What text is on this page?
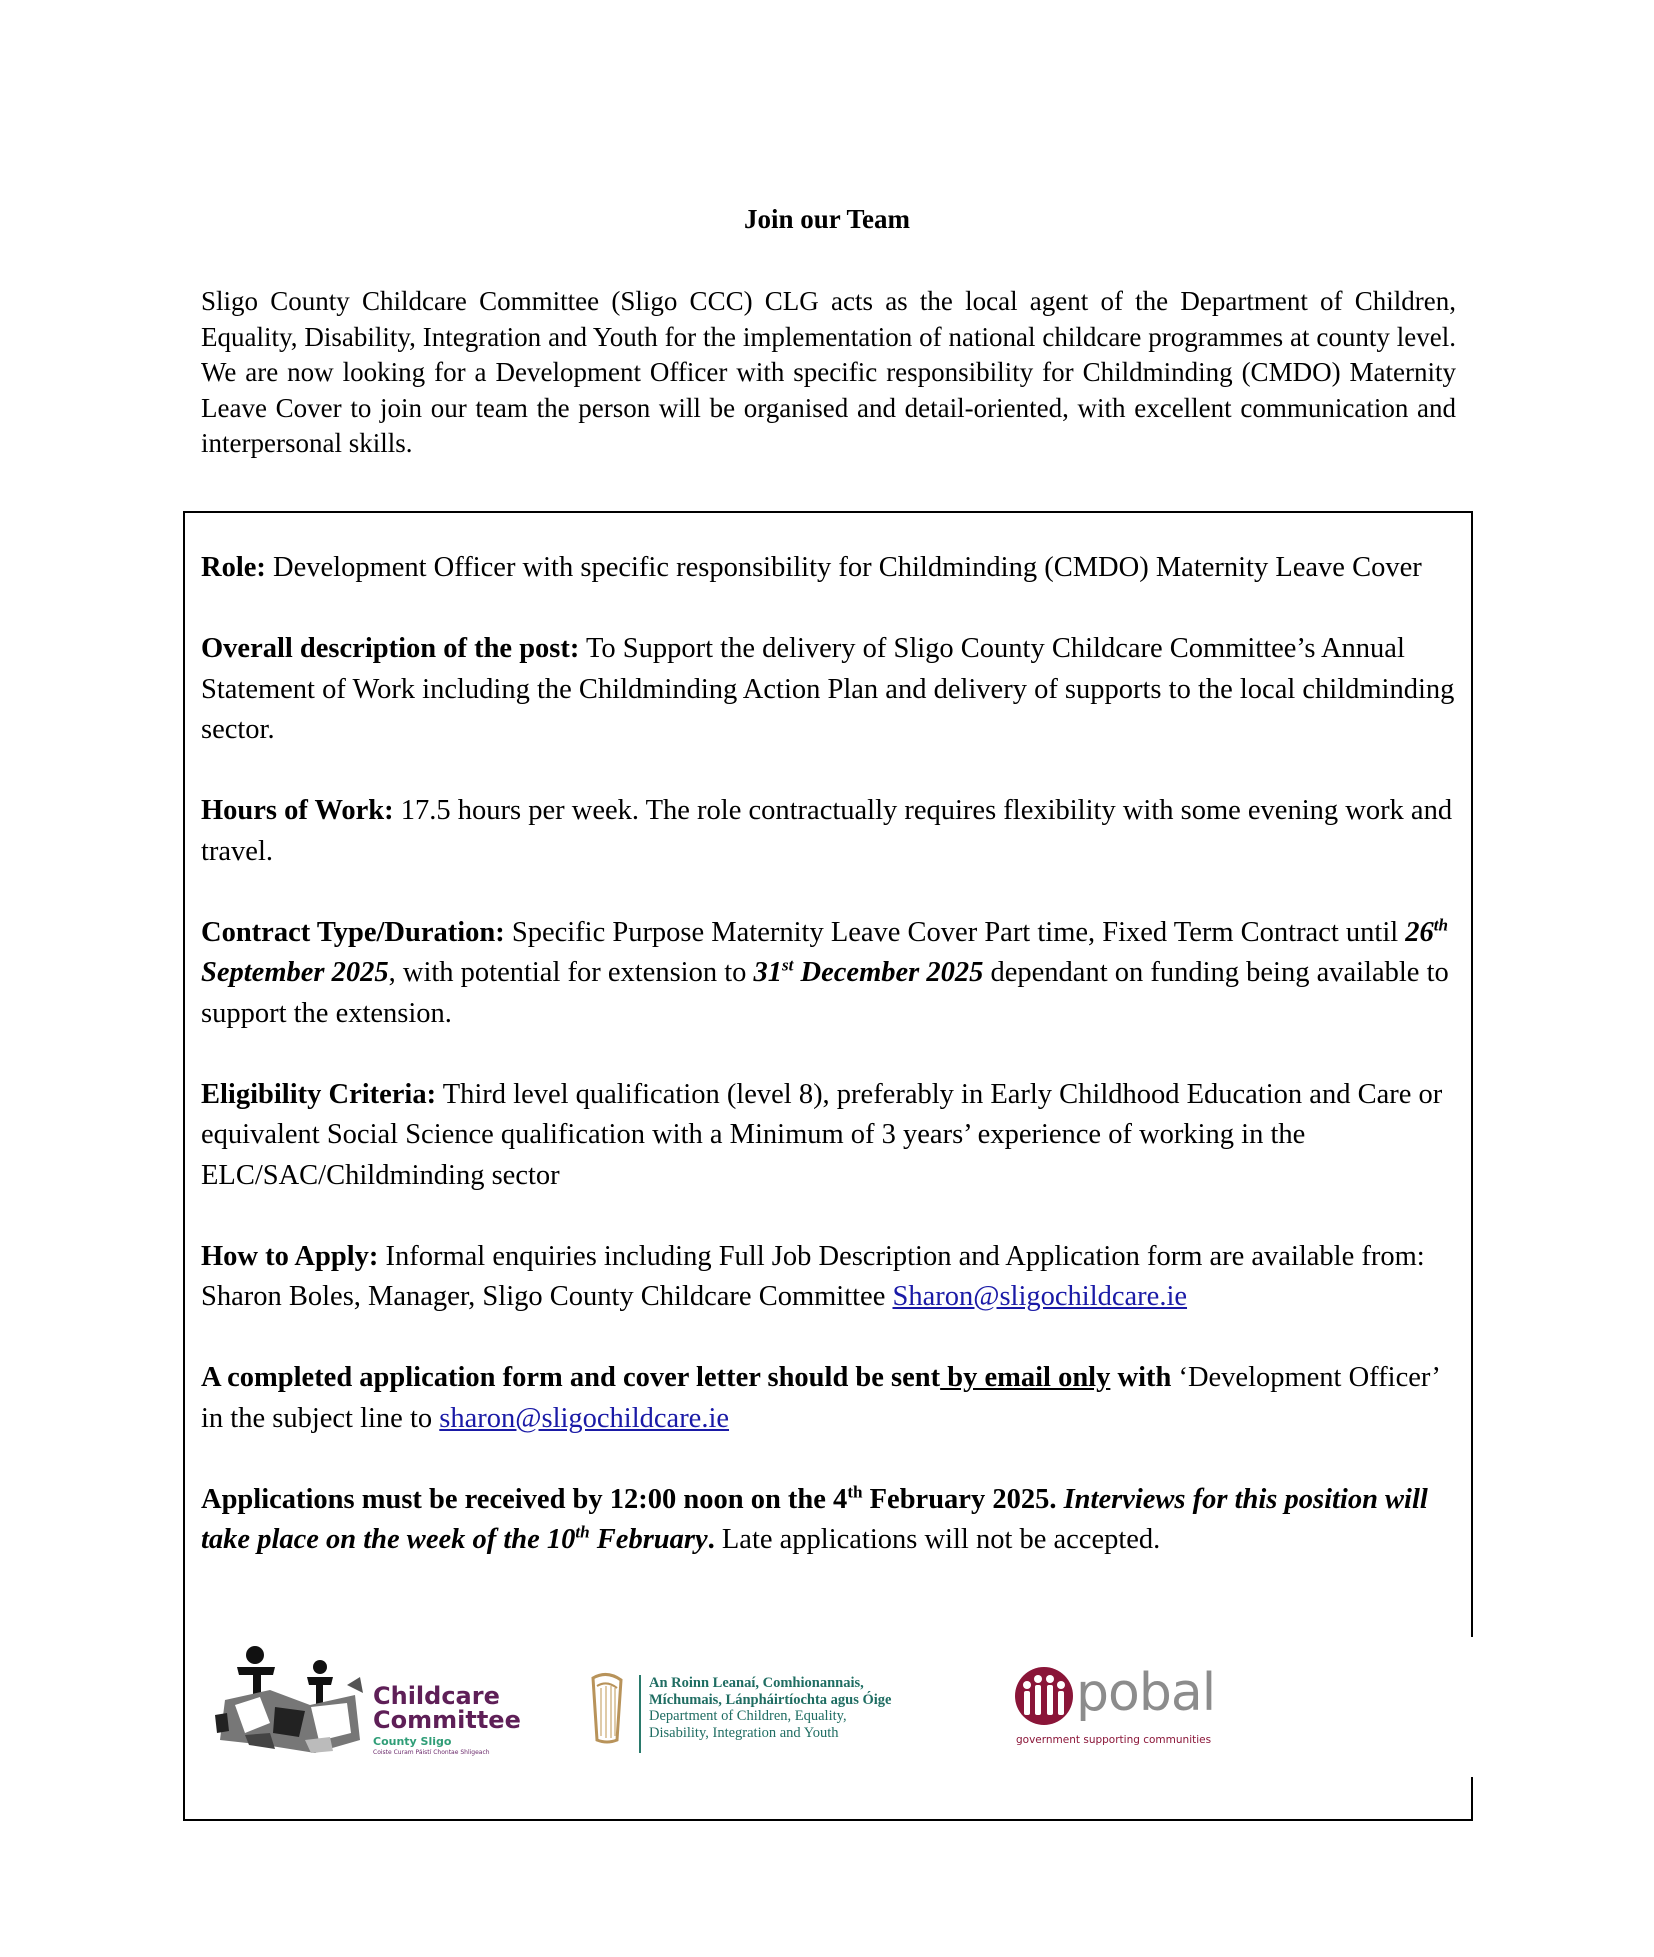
Join our Team
Sligo County Childcare Committee (Sligo CCC) CLG acts as the local agent of the Department of Children, Equality, Disability, Integration and Youth for the implementation of national childcare programmes at county level. We are now looking for a Development Officer with specific responsibility for Childminding (CMDO) Maternity Leave Cover to join our team the person will be organised and detail-oriented, with excellent communication and interpersonal skills.

Role: Development Officer with specific responsibility for Childminding (CMDO) Maternity Leave Cover

Overall description of the post: To Support the delivery of Sligo County Childcare Committee’s Annual Statement of Work including the Childminding Action Plan and delivery of supports to the local childminding sector.

Hours of Work: 17.5 hours per week. The role contractually requires flexibility with some evening work and travel.

Contract Type/Duration: Specific Purpose Maternity Leave Cover Part time, Fixed Term Contract until 26th September 2025, with potential for extension to 31st December 2025 dependant on funding being available to support the extension.

Eligibility Criteria: Third level qualification (level 8), preferably in Early Childhood Education and Care or equivalent Social Science qualification with a Minimum of 3 years’ experience of working in the ELC/SAC/Childminding sector

How to Apply: Informal enquiries including Full Job Description and Application form are available from: Sharon Boles, Manager, Sligo County Childcare Committee Sharon@sligochildcare.ie

A completed application form and cover letter should be sent by email only with ‘Development Officer’ in the subject line to sharon@sligochildcare.ie

Applications must be received by 12:00 noon on the 4th February 2025. Interviews for this position will take place on the week of the 10th February. Late applications will not be accepted.

Childcare
Committee
County Sligo
Coiste Curam Páistí Chontae Shligeach
An Roinn Leanaí, Comhionannais,
Míchumais, Lánpháirtíochta agus Óige
Department of Children, Equality,
Disability, Integration and Youth
pobal
government supporting communities
